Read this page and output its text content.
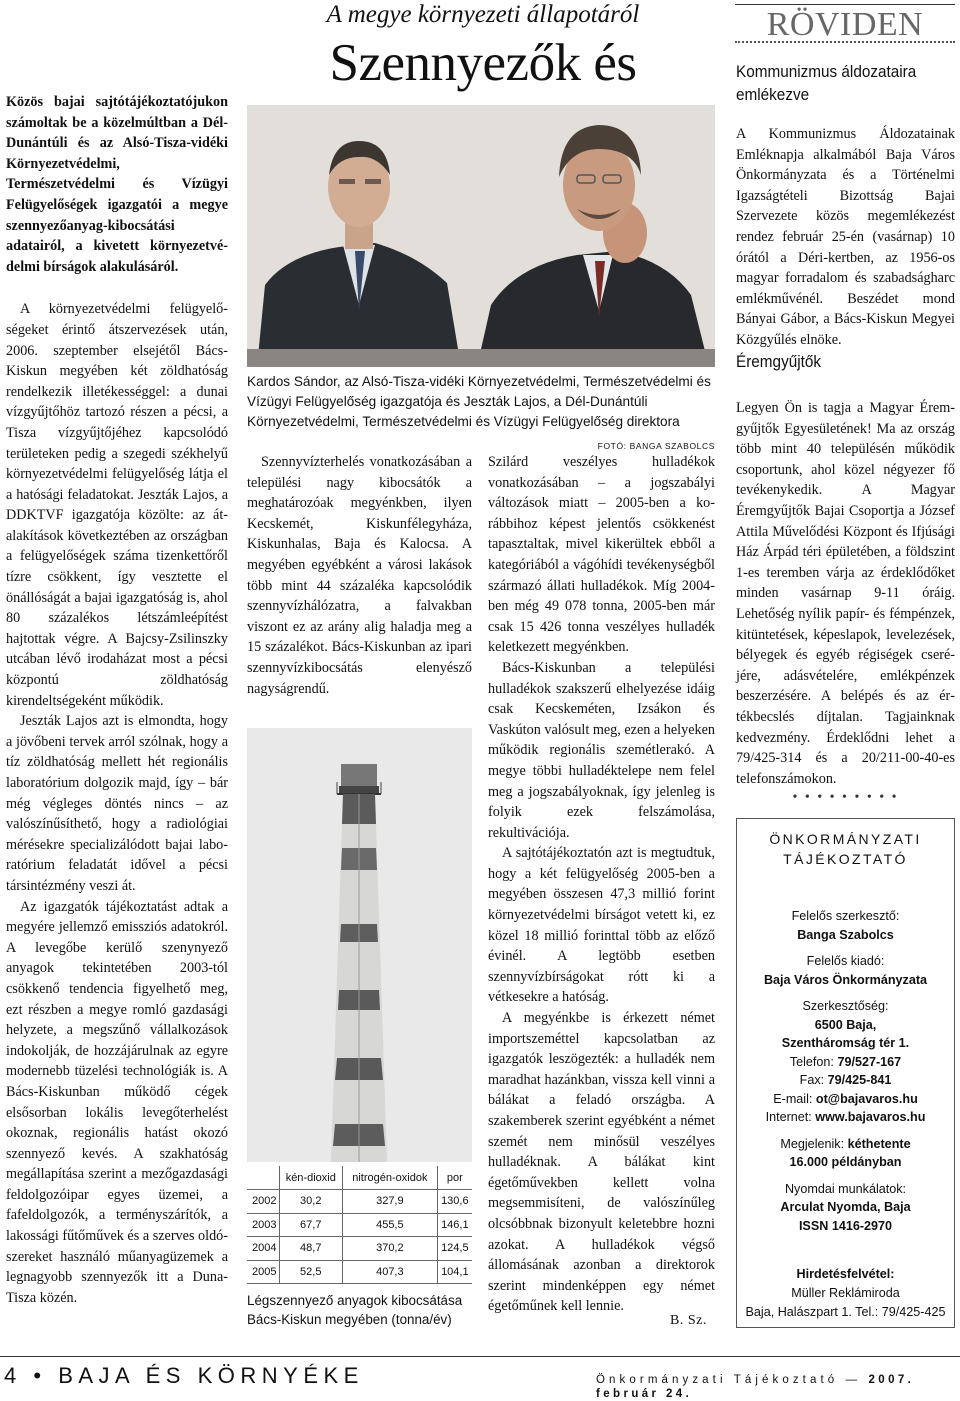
A megye környezeti állapotáról
Szennyezők és

Közös bajai sajtótájékoztatójukon számoltak be a közelmúltban a Dél-Dunántúli és az Alsó-Tisza-vidéki Környezetvédelmi, Természetvédelmi és Vízügyi Felügyelőségek igazgatói a megye szennyezőanyag-kibocsátási adatairól, a kivetett környezetvédelmi bírságok alakulásáról.

A környezetvédelmi felügyelőségeket érintő átszervezések után, 2006. szeptember elsejétől Bács-Kiskun megyében két zöldhatóság rendelkezik illetékességgel: a dunai vízgyűjtőhöz tartozó részen a pécsi, a Tisza vízgyűjtőjéhez kapcsolódó területeken pedig a szegedi székhelyű környezetvédelmi felügyelőség látja el a hatósági feladatokat. Jeszták Lajos, a DDKTVF igazgatója közölte: az átalakítások következtében az országban a felügyelőségek száma tizenkettőről tízre csökkent, így vesztette el önállóságát a bajai igazgatóság is, ahol 80 százalékos létszámleépítést hajtottak végre. A Bajcsy-Zsilinszky utcában lévő irodaházat most a pécsi központú zöldhatóság kirendeltségeként működik.

Jeszták Lajos azt is elmondta, hogy a jövőbeni tervek arról szólnak, hogy a tíz zöldhatóság mellett hét regionális laboratórium dolgozik majd, így – bár még végleges döntés nincs – az valószínűsíthető, hogy a radiológiai mérésekre specializálódott bajai laboratórium feladatát idővel a pécsi társintézmény veszi át.

Az igazgatók tájékoztatást adtak a megyére jellemző emissziós adatokról. A levegőbe kerülő szenynyező anyagok tekintetében 2003-tól csökkenő tendencia figyelhető meg, ezt részben a megye romló gazdasági helyzete, a megszűnő vállalkozások indokolják, de hozzájárulnak az egyre modernebb tüzelési technológiák is. A Bács-Kiskunban működő cégek elsősorban lokális levegőterhelést okoznak, regionális hatást okozó szennyező kevés. A szakhatóság megállapítása szerint a mezőgazdasági feldolgozóipar egyes üzemei, a fafeldolgozók, a terményszárítók, a lakossági fűtőművek és a szerves oldószereket használó műanyagüzemek a legnagyobb szennyezők itt a Duna-Tisza közén.

Kardos Sándor, az Alsó-Tisza-vidéki Környezetvédelmi, Természetvédelmi és Vízügyi Felügyelőség igazgatója és Jeszták Lajos, a Dél-Dunántúli Környezetvédelmi, Természetvédelmi és Vízügyi Felügyelőség direktora
FOTÓ: BANGA SZABOLCS

Szennyvízterhelés vonatkozásában a települési nagy kibocsátók a meghatározóak megyénkben, ilyen Kecskemét, Kiskunfélegyháza, Kiskunhalas, Baja és Kalocsa. A megyében egyébként a városi lakások több mint 44 százaléka kapcsolódik szennyvízhálózatra, a falvakban viszont ez az arány alig haladja meg a 15 százalékot. Bács-Kiskunban az ipari szennyvízkibocsátás elenyésző nagyságrendű.

	kén-dioxid	nitrogén-oxidok	por
2002	30,2	327,9	130,6
2003	67,7	455,5	146,1
2004	48,7	370,2	124,5
2005	52,5	407,3	104,1
Légszennyező anyagok kibocsátása Bács-Kiskun megyében (tonna/év)

Szilárd veszélyes hulladékok vonatkozásában – a jogszabályi változások miatt – 2005-ben a korábbihoz képest jelentős csökkenést tapasztaltak, mivel kikerültek ebből a kategóriából a vágóhídi tevékenységből származó állati hulladékok. Míg 2004-ben még 49 078 tonna, 2005-ben már csak 15 426 tonna veszélyes hulladék keletkezett megyénkben.

Bács-Kiskunban a települési hulladékok szakszerű elhelyezése idáig csak Kecskeméten, Izsákon és Vaskúton valósult meg, ezen a helyeken működik regionális szemétlerakó. A megye többi hulladéktelepe nem felel meg a jogszabályoknak, így jelenleg is folyik ezek felszámolása, rekultivációja.

A sajtótájékoztatón azt is megtudtuk, hogy a két felügyelőség 2005-ben a megyében összesen 47,3 millió forint környezetvédelmi bírságot vetett ki, ez közel 18 millió forinttal több az előző évinél. A legtöbb esetben szennyvízbírságokat rótt ki a vétkesekre a hatóság.

A megyénkbe is érkezett német importszeméttel kapcsolatban az igazgatók leszögezték: a hulladék nem maradhat hazánkban, vissza kell vinni a bálákat a feladó országba. A szakemberek szerint egyébként a német szemét nem minősül veszélyes hulladéknak. A bálákat kint égetőművekben kellett volna megsemmisíteni, de valószínűleg olcsóbbnak bizonyult keletebbre hozni azokat. A hulladékok végső állomásának azonban a direktorok szerint mindenképpen egy német égetőműnek kell lennie.

B. Sz.
RÖVIDEN
Kommunizmus áldozataira emlékezve

A Kommunizmus Áldozatainak Emléknapja alkalmából Baja Város Önkormányzata és a Történelmi Igazságtételi Bizottság Bajai Szervezete közös megemlékezést rendez február 25-én (vasárnap) 10 órától a Déri-kertben, az 1956-os magyar forradalom és szabadságharc emlékművénél. Beszédet mond Bányai Gábor, a Bács-Kiskun Megyei Közgyűlés elnöke.

Éremgyűjtők

Legyen Ön is tagja a Magyar Éremgyűjtők Egyesületének! Ma az ország több mint 40 településén működik csoportunk, ahol közel négyezer fő tevékenykedik. A Magyar Éremgyűjtők Bajai Csoportja a József Attila Művelődési Központ és Ifjúsági Ház Árpád téri épületében, a földszint 1-es teremben várja az érdeklődőket minden vasárnap 9-11 óráig. Lehetőség nyílik papír- és fémpénzek, kitüntetések, képeslapok, levelezések, bélyegek és egyéb régiségek cseréjére, adásvételére, emlékpénzek beszerzésére. A belépés és az értékbecslés díjtalan. Tagjainknak kedvezmény. Érdeklődni lehet a 79/425-314 és a 20/211-00-40-es telefonszámokon.

• • • • • • • • •
ÖNKORMÁNYZATI
TÁJÉKOZTATÓ
Felelős szerkesztő:
Banga Szabolcs
Felelős kiadó:
Baja Város Önkormányzata
Szerkesztőség:
6500 Baja,
Szentháromság tér 1.
Telefon: 79/527-167
Fax: 79/425-841
E-mail: ot@bajavaros.hu
Internet: www.bajavaros.hu
Megjelenik: kéthetente
16.000 példányban
Nyomdai munkálatok:
Arculat Nyomda, Baja
ISSN 1416-2970
Hirdetésfelvétel:
Müller Reklámiroda
Baja, Halászpart 1. Tel.: 79/425-425
4 • BAJA ÉS KÖRNYÉKE	Önkormányzati Tájékoztató — 2007. február 24.
